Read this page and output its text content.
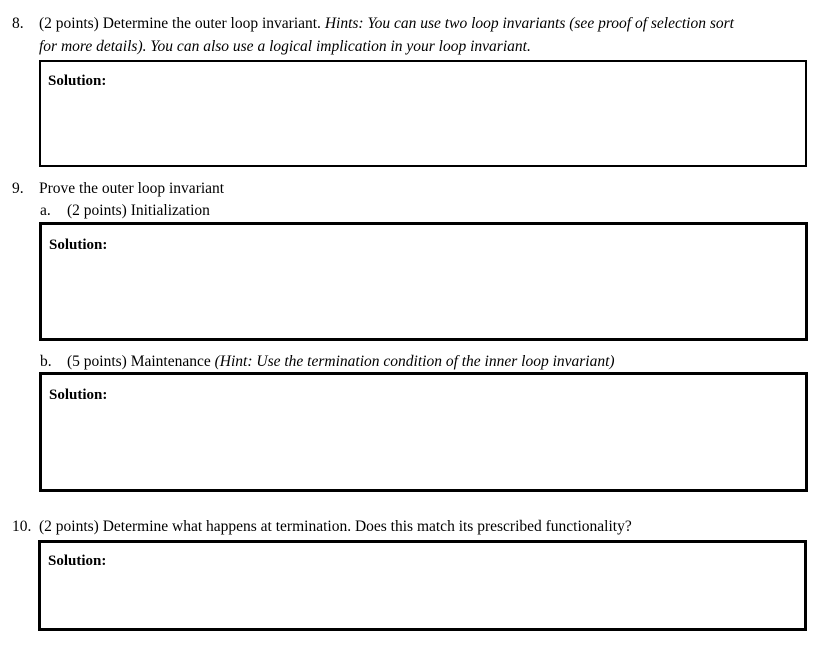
8. (2 points) Determine the outer loop invariant. Hints: You can use two loop invariants (see proof of selection sort
for more details). You can also use a logical implication in your loop invariant.
Solution:
9. Prove the outer loop invariant
a. (2 points) Initialization
Solution:
b. (5 points) Maintenance (Hint: Use the termination condition of the inner loop invariant)
Solution:
10. (2 points) Determine what happens at termination. Does this match its prescribed functionality?
Solution:
